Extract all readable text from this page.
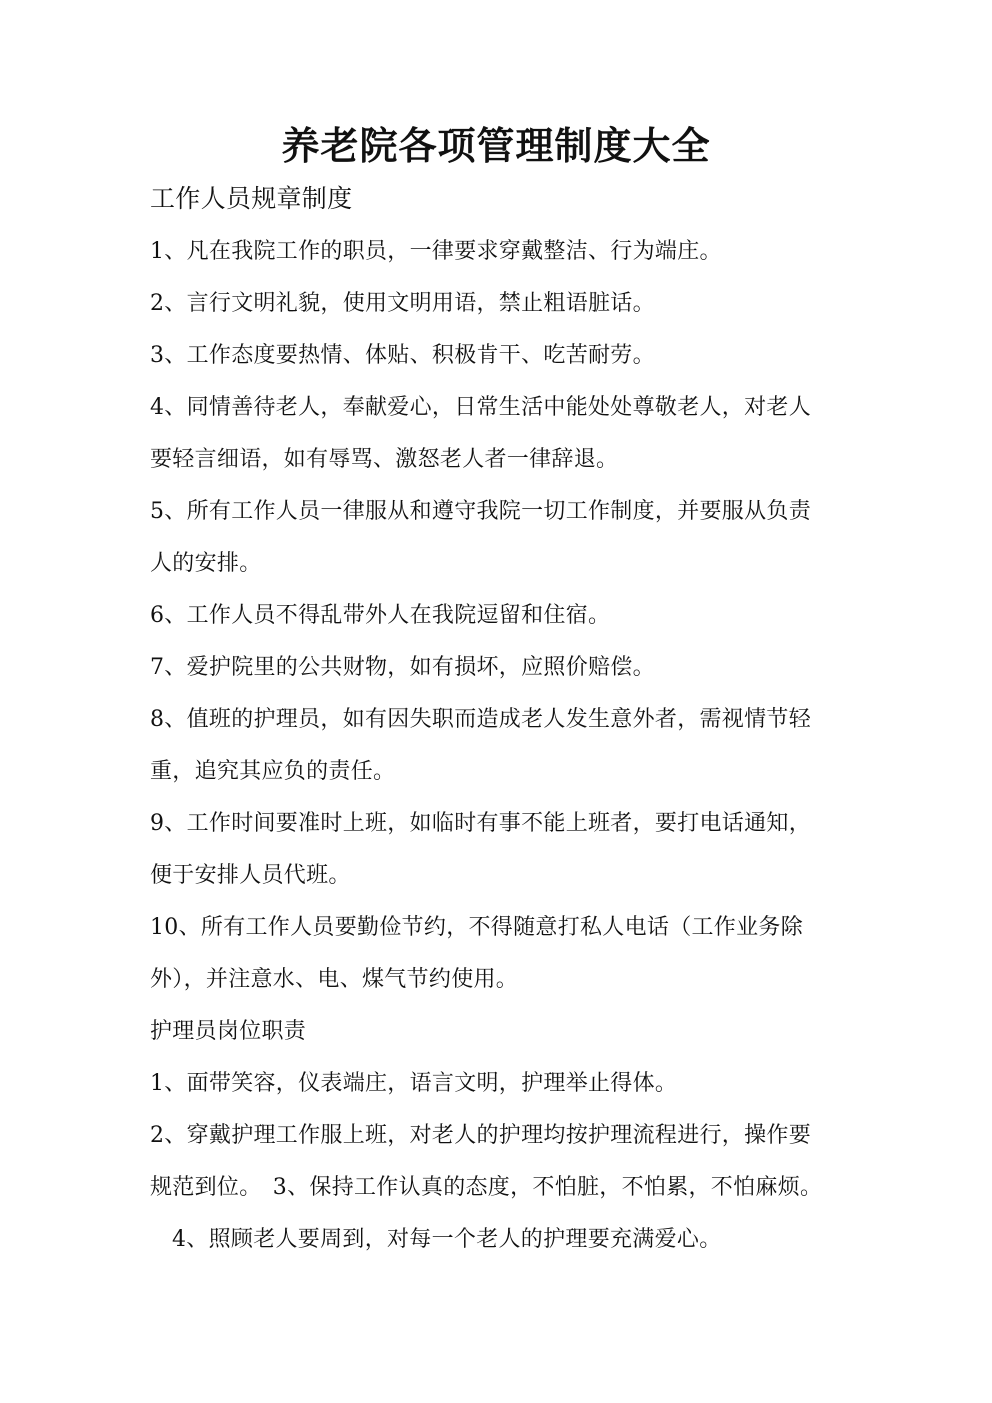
养老院各项管理制度大全
工作人员规章制度
1、凡在我院工作的职员，一律要求穿戴整洁、行为端庄。
2、言行文明礼貌，使用文明用语，禁止粗语脏话。
3、工作态度要热情、体贴、积极肯干、吃苦耐劳。
4、同情善待老人，奉献爱心，日常生活中能处处尊敬老人，对老人
要轻言细语，如有辱骂、激怒老人者一律辞退。
5、所有工作人员一律服从和遵守我院一切工作制度，并要服从负责
人的安排。
6、工作人员不得乱带外人在我院逗留和住宿。
7、爱护院里的公共财物，如有损坏，应照价赔偿。
8、值班的护理员，如有因失职而造成老人发生意外者，需视情节轻
重，追究其应负的责任。
9、工作时间要准时上班，如临时有事不能上班者，要打电话通知，
便于安排人员代班。
10、所有工作人员要勤俭节约，不得随意打私人电话（工作业务除
外），并注意水、电、煤气节约使用。
护理员岗位职责
1、面带笑容，仪表端庄，语言文明，护理举止得体。
2、穿戴护理工作服上班，对老人的护理均按护理流程进行，操作要
规范到位。　3、保持工作认真的态度，不怕脏，不怕累，不怕麻烦。
4、照顾老人要周到，对每一个老人的护理要充满爱心。
